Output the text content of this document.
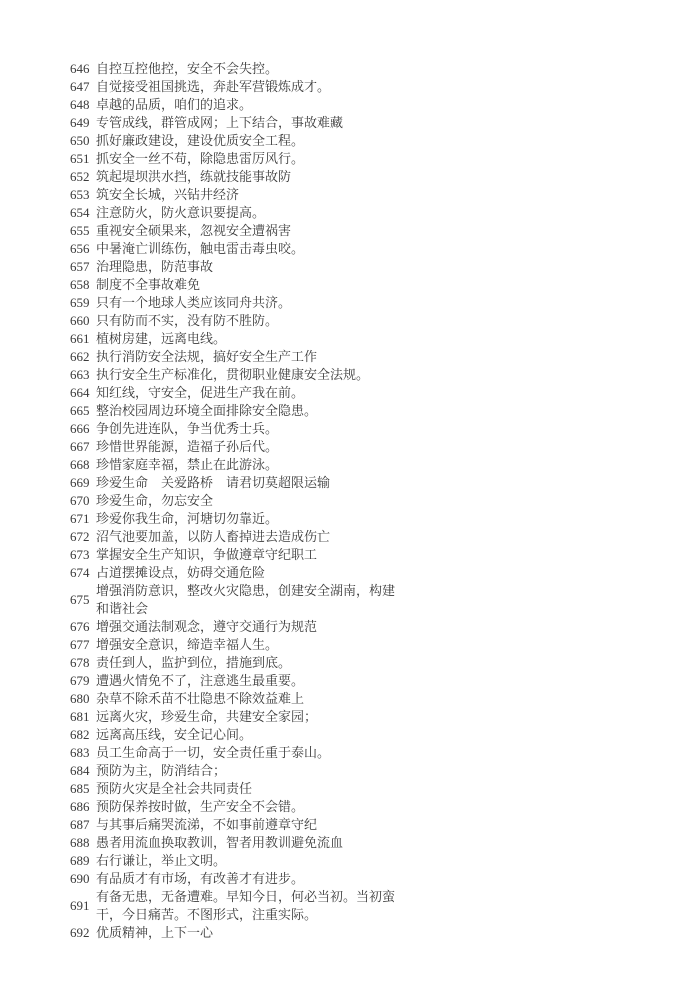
646 自控互控他控，安全不会失控。
647 自觉接受祖国挑选，奔赴军营锻炼成才。
648 卓越的品质，咱们的追求。
649 专管成线，群管成网；上下结合，事故难藏
650 抓好廉政建设，建设优质安全工程。
651 抓安全一丝不苟，除隐患雷厉风行。
652 筑起堤坝洪水挡，练就技能事故防
653 筑安全长城，兴钻井经济
654 注意防火，防火意识要提高。
655 重视安全硕果来，忽视安全遭祸害
656 中暑淹亡训练伤，触电雷击毒虫咬。
657 治理隐患，防范事故
658 制度不全事故难免
659 只有一个地球人类应该同舟共济。
660 只有防而不实，没有防不胜防。
661 植树房建，远离电线。
662 执行消防安全法规，搞好安全生产工作
663 执行安全生产标准化，贯彻职业健康安全法规。
664 知红线，守安全，促进生产我在前。
665 整治校园周边环境全面排除安全隐患。
666 争创先进连队，争当优秀士兵。
667 珍惜世界能源，造福子孙后代。
668 珍惜家庭幸福，禁止在此游泳。
669 珍爱生命　关爱路桥　请君切莫超限运输
670 珍爱生命，勿忘安全
671 珍爱你我生命，河塘切勿靠近。
672 沼气池要加盖，以防人畜掉进去造成伤亡
673 掌握安全生产知识，争做遵章守纪职工
674 占道摆摊设点，妨碍交通危险
675
增强消防意识，整改火灾隐患，创建安全湖南，构建和谐社会
676 增强交通法制观念，遵守交通行为规范
677 增强安全意识，缔造幸福人生。
678 责任到人，监护到位，措施到底。
679 遭遇火情免不了，注意逃生最重要。
680 杂草不除禾苗不壮隐患不除效益难上
681 远离火灾，珍爱生命，共建安全家园；
682 远离高压线，安全记心间。
683 员工生命高于一切，安全责任重于泰山。
684 预防为主，防消结合；
685 预防火灾是全社会共同责任
686 预防保养按时做，生产安全不会错。
687 与其事后痛哭流涕，不如事前遵章守纪
688 愚者用流血换取教训，智者用教训避免流血
689 右行谦让，举止文明。
690 有品质才有市场，有改善才有进步。
691
有备无患，无备遭难。早知今日，何必当初。当初蛮干，今日痛苦。不图形式，注重实际。
692 优质精神，上下一心
